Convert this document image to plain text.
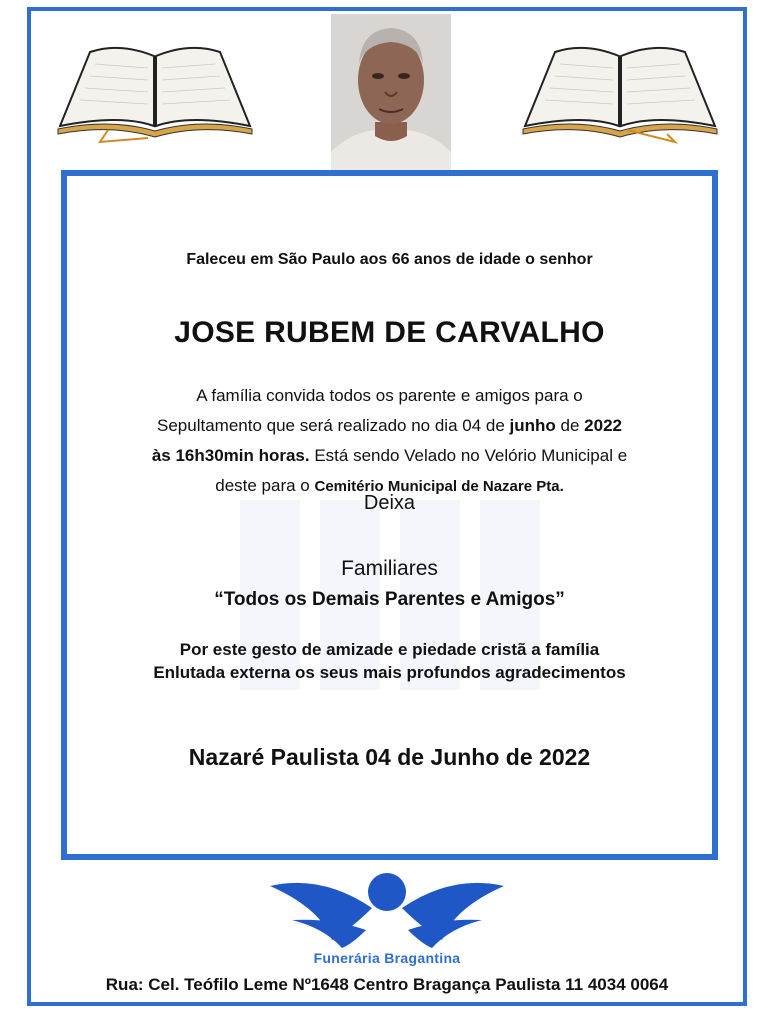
Faleceu em São Paulo aos 66 anos de idade o senhor
JOSE RUBEM DE CARVALHO
A família convida todos os parente e amigos para o
Sepultamento que será realizado no dia 04 de junho de 2022
às 16h30min horas. Está sendo Velado no Velório Municipal e
deste para o Cemitério Municipal de Nazare Pta.
Deixa
Familiares
“Todos os Demais Parentes e Amigos”
Por este gesto de amizade e piedade cristã a família
Enlutada externa os seus mais profundos agradecimentos
Nazaré Paulista 04 de Junho de 2022
Funerária Bragantina
Rua: Cel. Teófilo Leme Nº1648 Centro Bragança Paulista 11 4034 0064
